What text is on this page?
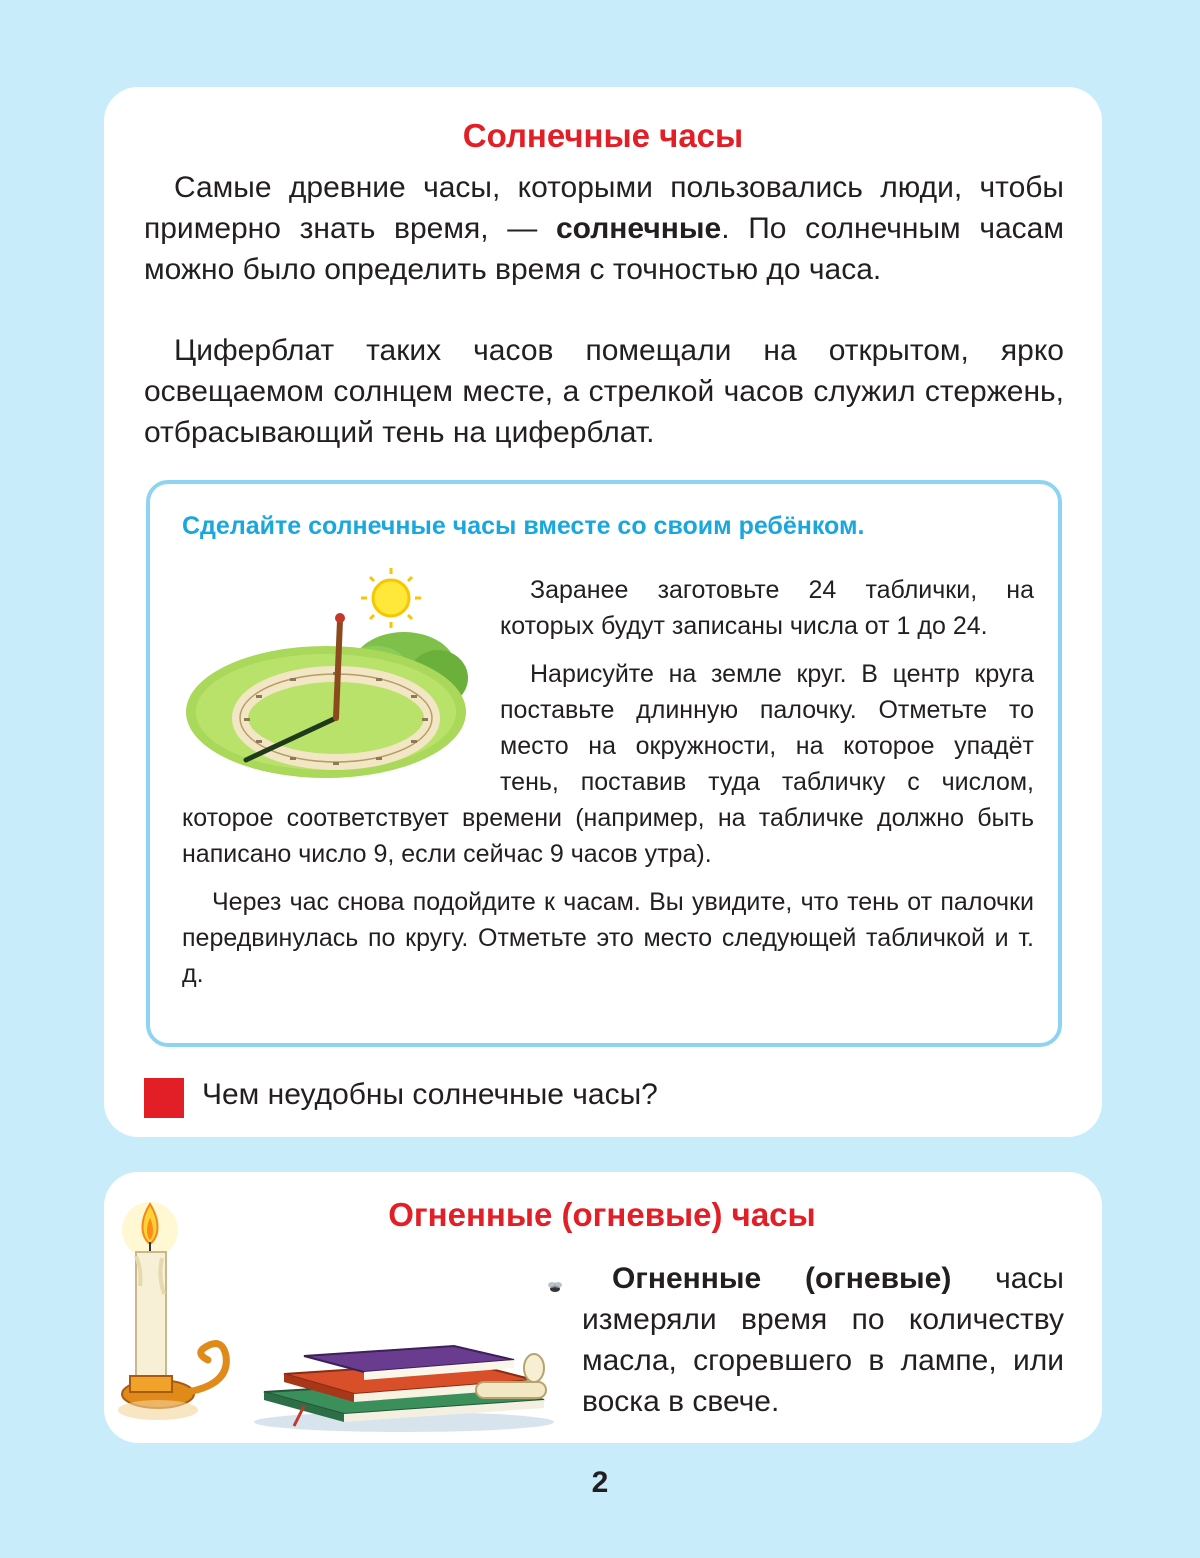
Солнечные часы

Самые древние часы, которыми пользовались люди, чтобы примерно знать время, — солнечные. По солнечным часам можно было определить время с точностью до часа.

Циферблат таких часов помещали на открытом, ярко освещаемом солнцем месте, а стрелкой часов служил стержень, отбрасывающий тень на циферблат.

Сделайте солнечные часы вместе со своим ребёнком.

Заранее заготовьте 24 таблички, на которых будут записаны числа от 1 до 24.

Нарисуйте на земле круг. В центр круга поставьте длинную палочку. Отметьте то место на окружности, на которое упадёт тень, поставив туда табличку с числом, которое соответствует времени (например, на табличке должно быть написано число 9, если сейчас 9 часов утра).

Через час снова подойдите к часам. Вы увидите, что тень от палочки передвинулась по кругу. Отметьте это место следующей табличкой и т. д.

Чем неудобны солнечные часы?
Огненные (огневые) часы

Огненные (огневые) часы измеряли время по количеству масла, сгоревшего в лампе, или воска в свече.

2
